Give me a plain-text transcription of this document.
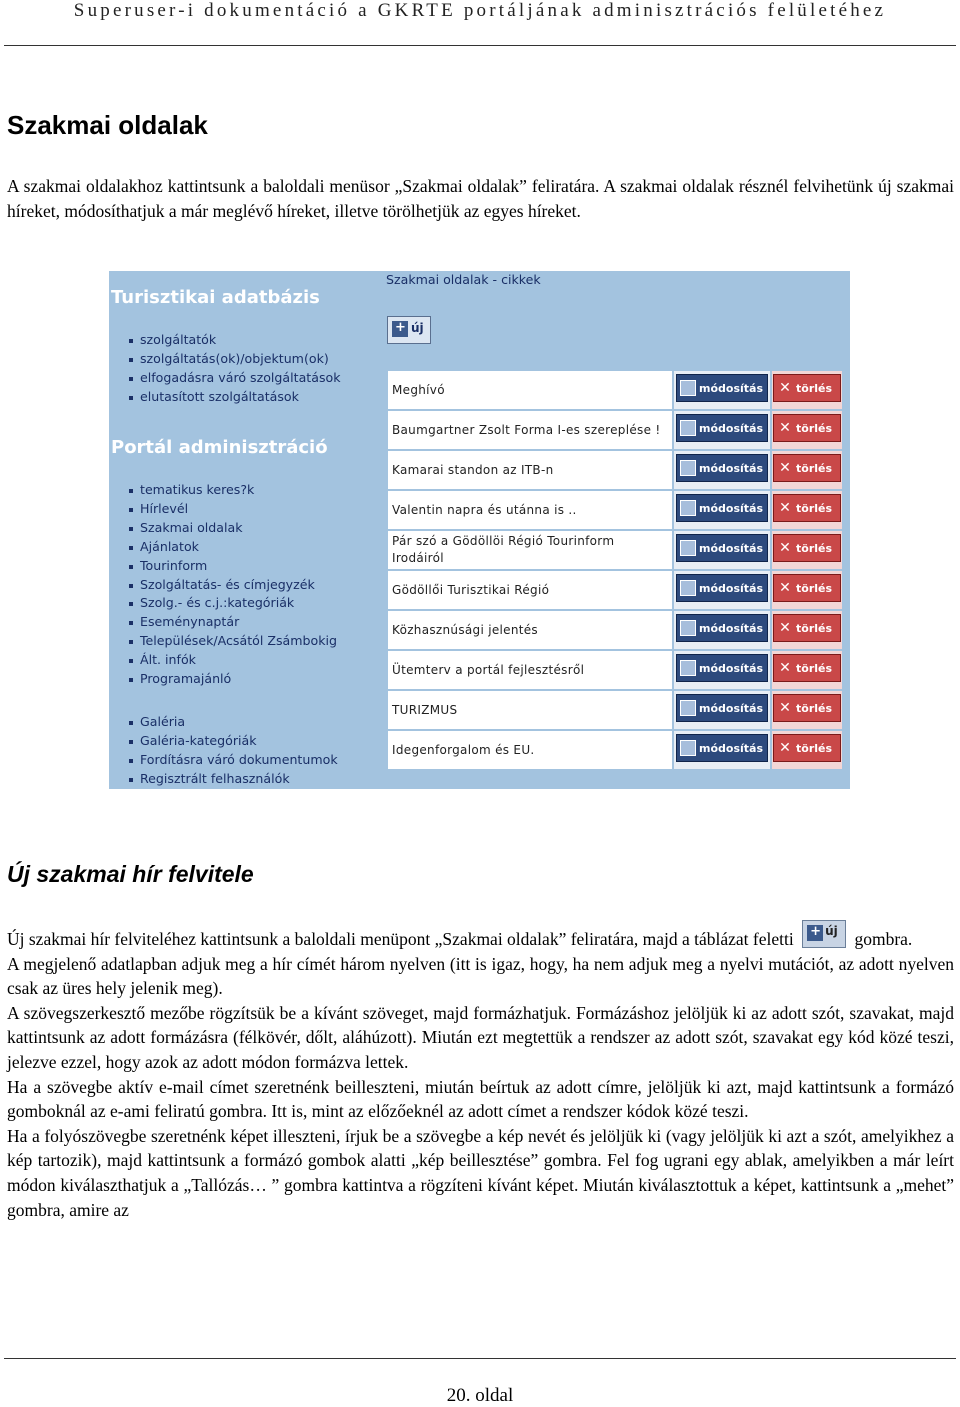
Superuser-i dokumentáció a GKRTE portáljának adminisztrációs felületéhez
Szakmai oldalak

A szakmai oldalakhoz kattintsunk a baloldali menüsor „Szakmai oldalak” feliratára. A szakmai oldalak résznél felvihetünk új szakmai híreket, módosíthatjuk a már meglévő híreket, illetve törölhetjük az egyes híreket.

Turisztikai adatbázis
szolgáltatók
szolgáltatás(ok)/objektum(ok)
elfogadásra váró szolgáltatások
elutasított szolgáltatások
Portál adminisztráció
tematikus keres?k
Hírlevél
Szakmai oldalak
Ajánlatok
Tourinform
Szolgáltatás- és címjegyzék
Szolg.- és c.j.:kategóriák
Eseménynaptár
Települések/Acsától Zsámbokig
Ált. infók
Programajánló
Galéria
Galéria-kategóriák
Fordításra váró dokumentumok
Regisztrált felhasználók
Szakmai oldalak - cikkek
+
új
Meghívó	módosítás	✕ törlés

Baumgartner Zsolt Forma I-es szereplése !	módosítás	✕ törlés

Kamarai standon az ITB-n	módosítás	✕ törlés

Valentin napra és utánna is ..	módosítás	✕ törlés

Pár szó a Gödöllöi Régió Tourinform Irodáiról	módosítás	✕ törlés

Gödöllői Turisztikai Régió	módosítás	✕ törlés

Közhasznúsági jelentés	módosítás	✕ törlés

Ütemterv a portál fejlesztésről	módosítás	✕ törlés

TURIZMUS	módosítás	✕ törlés

Idegenforgalom és EU.	módosítás	✕ törlés
Új szakmai hír felvitele

Új szakmai hír felviteléhez kattintsunk a baloldali menüpont „Szakmai oldalak” feliratára, majd a táblázat feletti +	új gombra.

A megjelenő adatlapban adjuk meg a hír címét három nyelven (itt is igaz, hogy, ha nem adjuk meg a nyelvi mutációt, az adott nyelven csak az üres hely jelenik meg).

A szövegszerkesztő mezőbe rögzítsük be a kívánt szöveget, majd formázhatjuk. Formázáshoz jelöljük ki az adott szót, szavakat, majd kattintsunk az adott formázásra (félkövér, dőlt, aláhúzott). Miután ezt megtettük a rendszer az adott szót, szavakat egy kód közé teszi, jelezve ezzel, hogy azok az adott módon formázva lettek.

Ha a szövegbe aktív e-mail címet szeretnénk beilleszteni, miután beírtuk az adott címre, jelöljük ki azt, majd kattintsunk a formázó gomboknál az e-ami feliratú gombra. Itt is, mint az előzőeknél az adott címet a rendszer kódok közé teszi.

Ha a folyószövegbe szeretnénk képet illeszteni, írjuk be a szövegbe a kép nevét és jelöljük ki (vagy jelöljük ki azt a szót, amelyikhez a kép tartozik), majd kattintsunk a formázó gombok alatti „kép beillesztése” gombra. Fel fog ugrani egy ablak, amelyikben a már leírt módon kiválaszthatjuk a „Tallózás… ” gombra kattintva a rögzíteni kívánt képet. Miután kiválasztottuk a képet, kattintsunk a „mehet” gombra, amire az

20. oldal
